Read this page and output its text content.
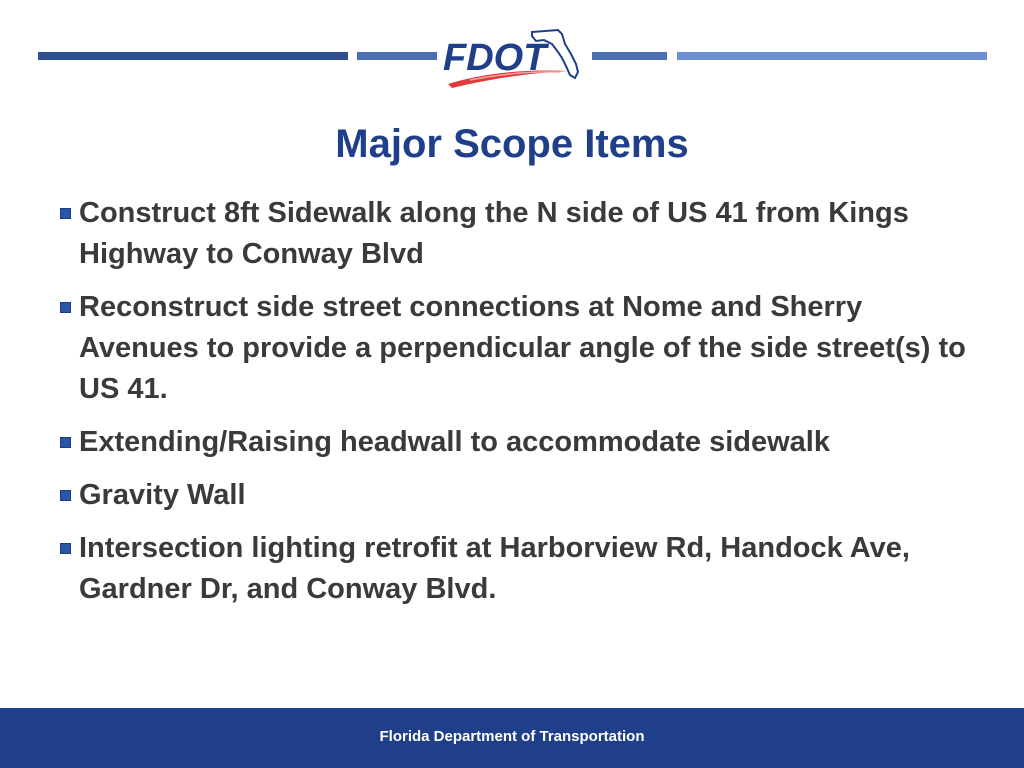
FDOT
Major Scope Items
Construct 8ft Sidewalk along the N side of US 41 from Kings Highway to Conway Blvd
Reconstruct side street connections at Nome and Sherry Avenues to provide a perpendicular angle of the side street(s) to US 41.
Extending/Raising headwall to accommodate sidewalk
Gravity Wall
Intersection lighting retrofit at Harborview Rd, Handock Ave, Gardner Dr, and Conway Blvd.
Florida Department of Transportation
